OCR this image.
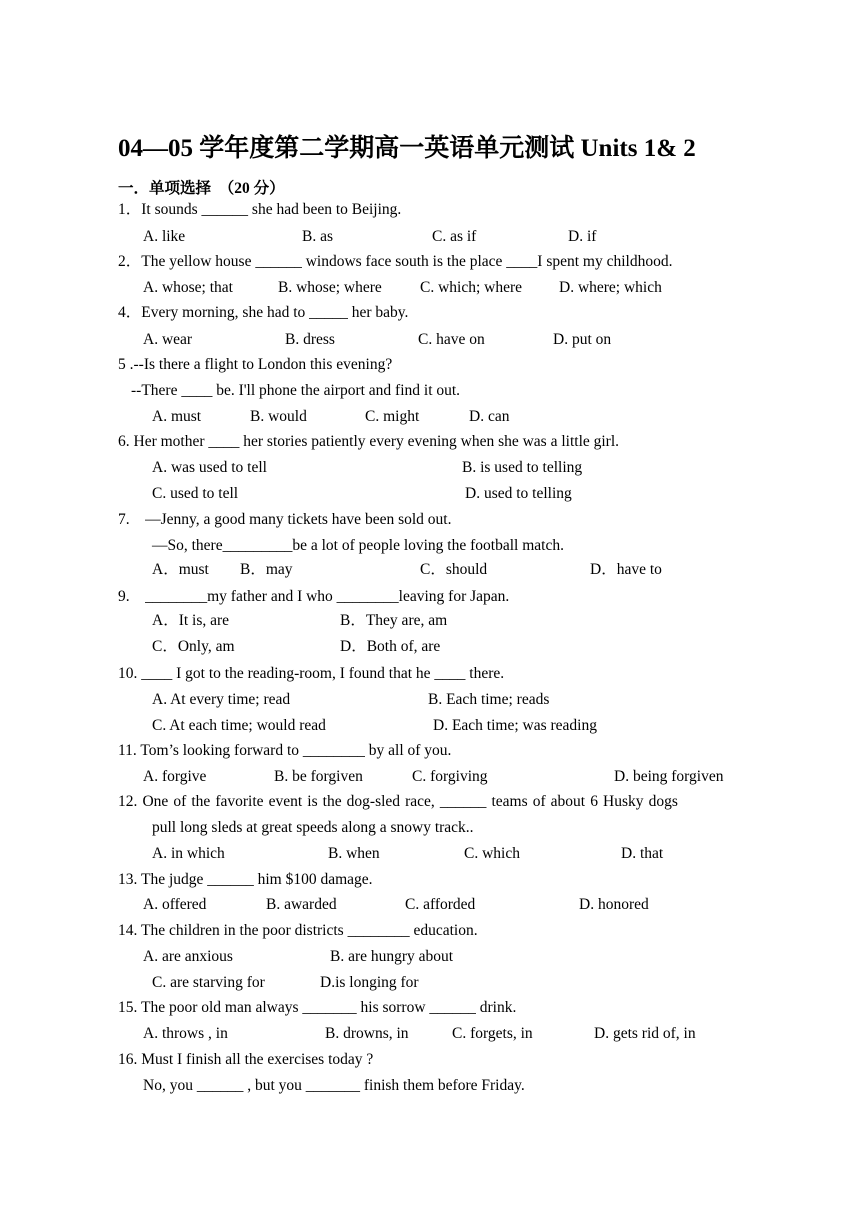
04—05 学年度第二学期高一英语单元测试 Units 1& 2
一．单项选择  （20 分）
1．It sounds ______ she had been to Beijing.
A. like	B. as	C. as if	D. if
2．The yellow house ______ windows face south is the place ____I spent my childhood.
A. whose; that	B. whose; where C. which; where D. where; which
4．Every morning, she had to _____ her baby.
A. wear	B. dress	C. have on	D. put on
5 .--Is there a flight to London this evening?
--There ____ be. I'll phone the airport and find it out.
A. must	B. would	C. might	D. can
6. Her mother ____ her stories patiently every evening when she was a little girl.
A. was used to tell	B. is used to telling
C. used to tell	D. used to telling
7.    —Jenny, a good many tickets have been sold out.
—So, there_________be a lot of people loving the football match.
A．must B．may	C．should	D．have to
9.    ________my father and I who ________leaving for Japan.
A．It is, are	B．They are, am
C．Only, am	D．Both of, are
10. ____ I got to the reading-room, I found that he ____ there.
A. At every time; read	B. Each time; reads
C. At each time; would read	D. Each time; was reading
11. Tom’s looking forward to ________ by all of you.
A. forgive	B. be forgiven	C. forgiving	D. being forgiven
12. One of the favorite event is the dog-sled race, ______ teams of about 6 Husky dogs
pull long sleds at great speeds along a snowy track..
A. in which	B. when	C. which	D. that
13. The judge ______ him $100 damage.
A. offered	B. awarded	C. afforded	D. honored
14. The children in the poor districts ________ education.
A. are anxious	B. are hungry about
C. are starving for	D.is longing for
15. The poor old man always _______ his sorrow ______ drink.
A. throws , in	B. drowns, in	C. forgets, in	D. gets rid of, in
16. Must I finish all the exercises today ?
No, you ______ , but you _______ finish them before Friday.
